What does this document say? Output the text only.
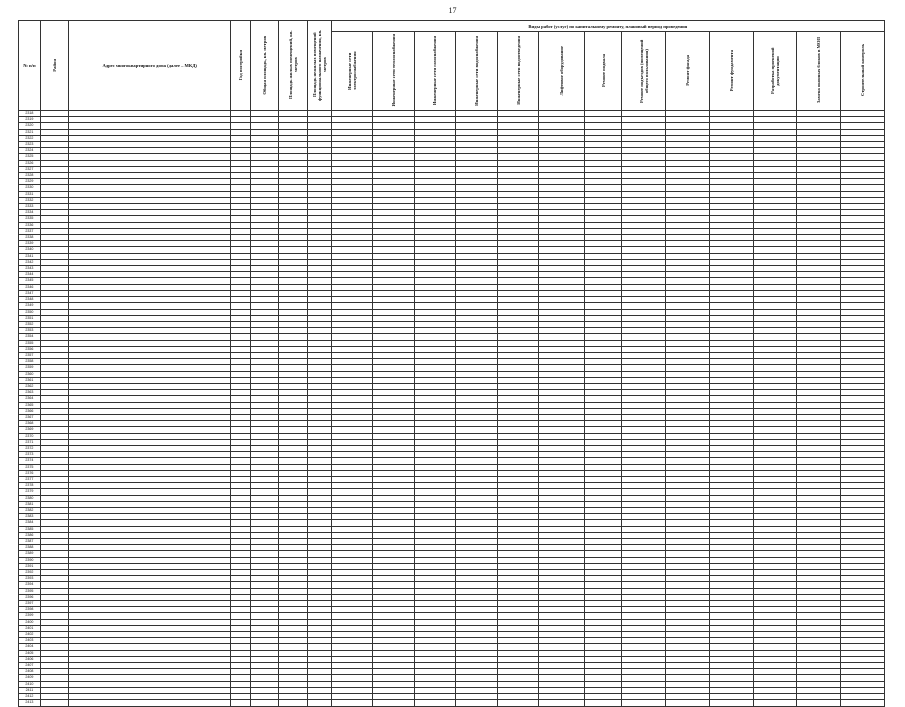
17
№ п/п	Район	Адрес многоквартирного дома (далее – МКД)	Год постройки	Общая площадь, кв. метров	Площадь жилых помещений, кв. метров	Площадь нежилых помещений функционального назначения, кв. метров	Виды работ (услуг) по капитальному ремонту, плановый период проведения												
							Инженерные сети электроснабжения	Инженерные сети теплоснабжения	Инженерные сети газоснабжения	Инженерные сети водоснабжения	Инженерные сети водоотведения	Лифтовое оборудование	Ремонт подвала	Ремонт подъездов (помещений общего пользования)	Ремонт фасада	Ремонт фундамента	Разработка проектной документации	Замена оконных блоков в МОП	Строительный контроль
2318																			
2319																			
2320																			
2321																			
2322																			
2323																			
2324																			
2325																			
2326																			
2327																			
2328																			
2329																			
2330																			
2331																			
2332																			
2333																			
2334																			
2335																			
2336																			
2337																			
2338																			
2339																			
2340																			
2341																			
2342																			
2343																			
2344																			
2345																			
2346																			
2347																			
2348																			
2349																			
2350																			
2351																			
2352																			
2353																			
2354																			
2355																			
2356																			
2357																			
2358																			
2359																			
2360																			
2361																			
2362																			
2363																			
2364																			
2365																			
2366																			
2367																			
2368																			
2369																			
2370																			
2371																			
2372																			
2373																			
2374																			
2375																			
2376																			
2377																			
2378																			
2379																			
2380																			
2381																			
2382																			
2383																			
2384																			
2385																			
2386																			
2387																			
2388																			
2389																			
2390																			
2391																			
2392																			
2393																			
2394																			
2395																			
2396																			
2397																			
2398																			
2399																			
2400																			
2401																			
2402																			
2403																			
2404																			
2405																			
2406																			
2407																			
2408																			
2409																			
2410																			
2411																			
2412																			
2413																			
